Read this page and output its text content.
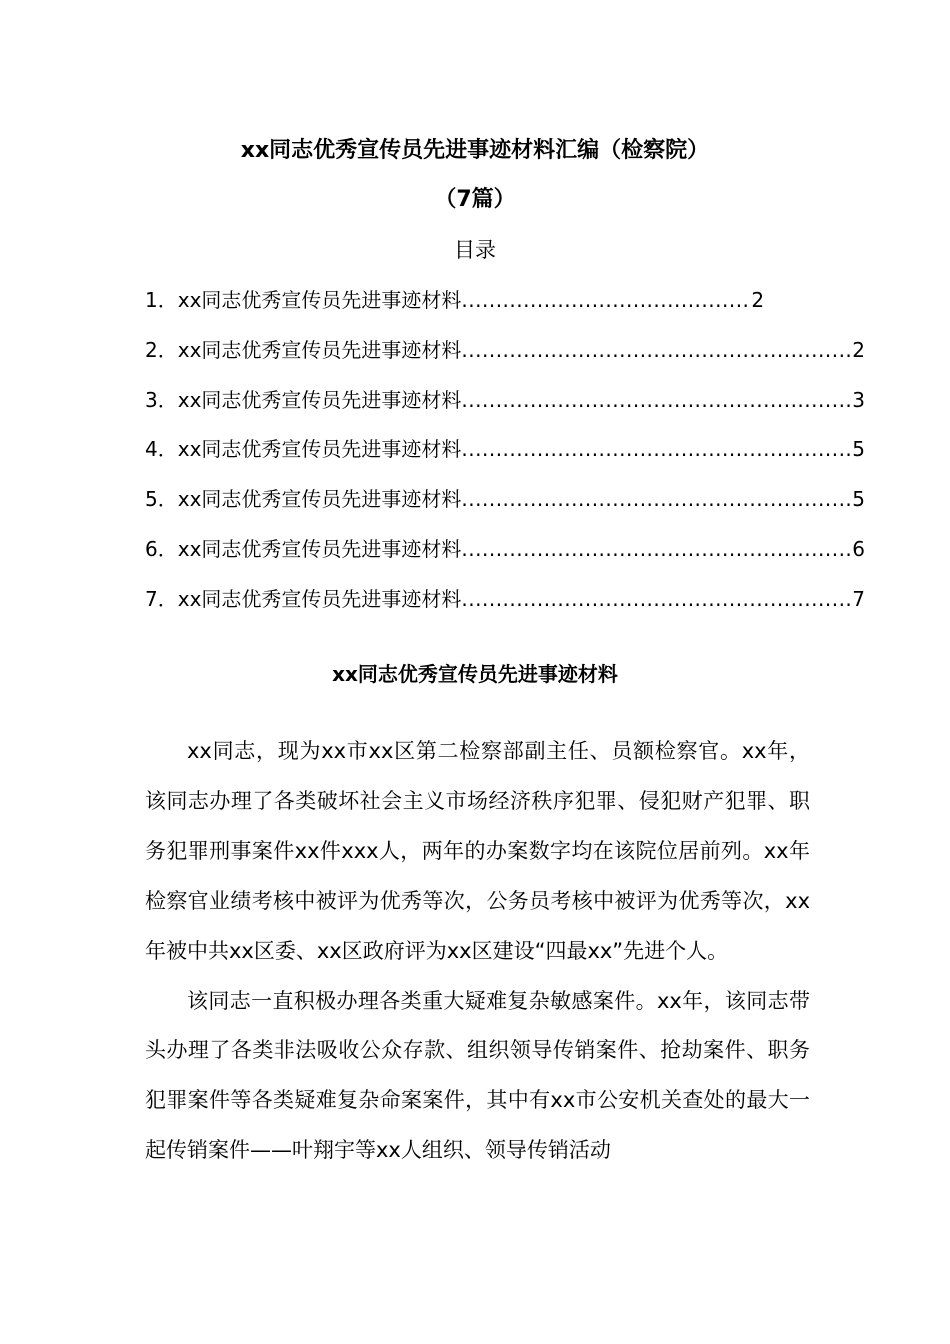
xx同志优秀宣传员先进事迹材料汇编（检察院）
（7篇）
目录
1． xx同志优秀宣传员先进事迹材料 .....	2
2． xx同志优秀宣传员先进事迹材料 .....	2
3． xx同志优秀宣传员先进事迹材料 .....	3
4． xx同志优秀宣传员先进事迹材料 .....	5
5． xx同志优秀宣传员先进事迹材料 .....	5
6． xx同志优秀宣传员先进事迹材料 .....	6
7． xx同志优秀宣传员先进事迹材料 .....	7
xx同志优秀宣传员先进事迹材料

xx同志，现为xx市xx区第二检察部副主任、员额检察官。xx年，该同志办理了各类破坏社会主义市场经济秩序犯罪、侵犯财产犯罪、职务犯罪刑事案件xx件xxx人，两年的办案数字均在该院位居前列。xx年检察官业绩考核中被评为优秀等次，公务员考核中被评为优秀等次，xx年被中共xx区委、xx区政府评为xx区建设“四最xx”先进个人。

该同志一直积极办理各类重大疑难复杂敏感案件。xx年，该同志带头办理了各类非法吸收公众存款、组织领导传销案件、抢劫案件、职务犯罪案件等各类疑难复杂命案案件，其中有xx市公安机关查处的最大一起传销案件——叶翔宇等xx人组织、领导传销活动
